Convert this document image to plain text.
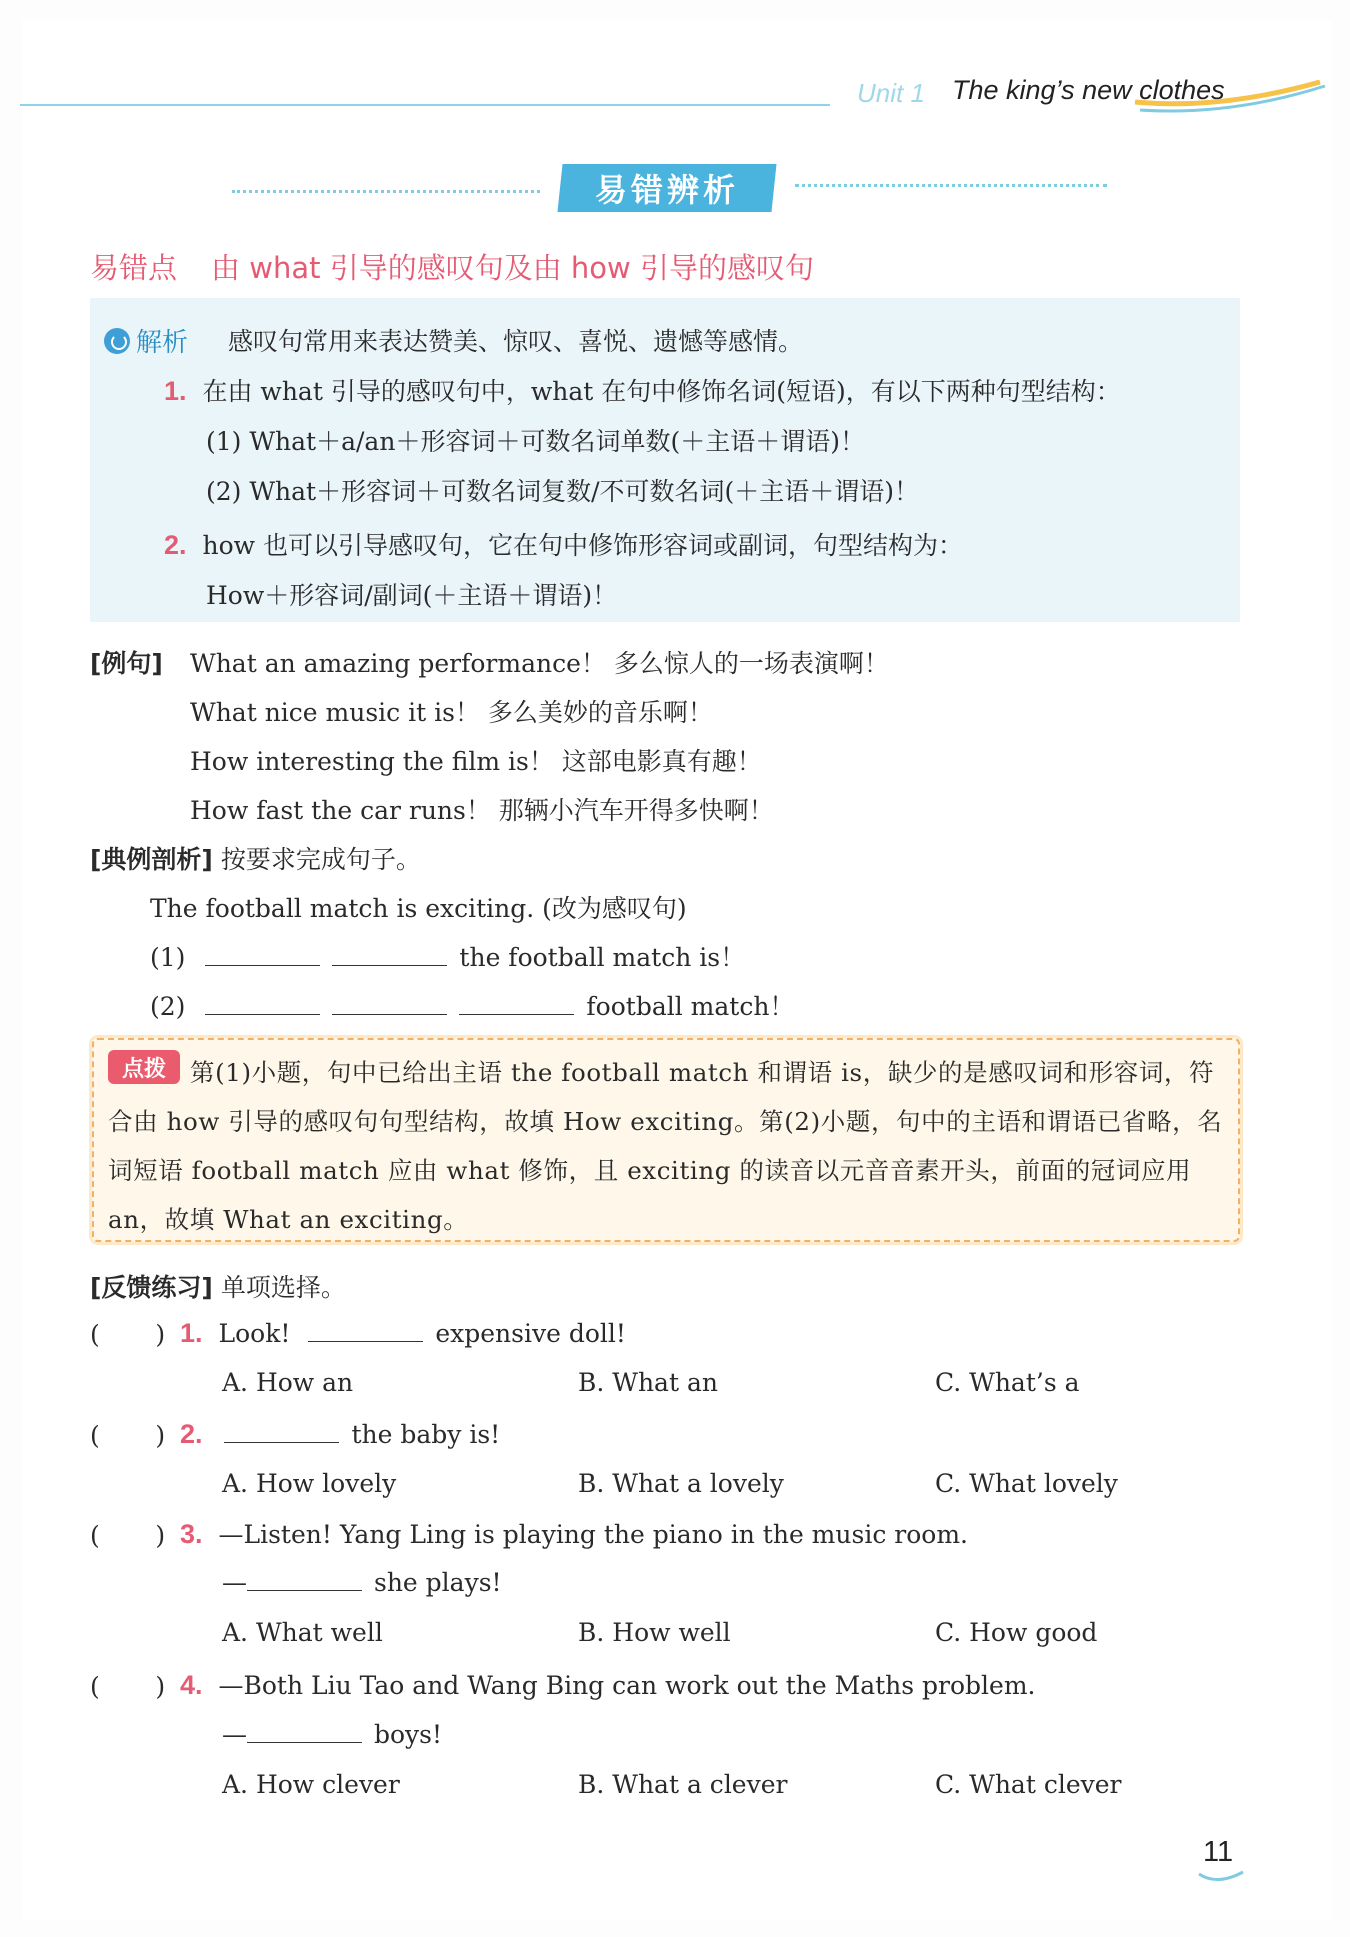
Unit 1 The king’s new clothes
易错辨析
易错点 由 what 引导的感叹句及由 how 引导的感叹句
解析 感叹句常用来表达赞美、惊叹、喜悦、遗憾等感情。
1. 在由 what 引导的感叹句中，what 在句中修饰名词(短语)，有以下两种句型结构：
(1) What＋a/an＋形容词＋可数名词单数(＋主语＋谓语)！
(2) What＋形容词＋可数名词复数/不可数名词(＋主语＋谓语)！
2. how 也可以引导感叹句，它在句中修饰形容词或副词，句型结构为：
How＋形容词/副词(＋主语＋谓语)！
[例句] What an amazing performance！ 多么惊人的一场表演啊！
What nice music it is！ 多么美妙的音乐啊！
How interesting the film is！ 这部电影真有趣！
How fast the car runs！ 那辆小汽车开得多快啊！
[典例剖析] 按要求完成句子。
The football match is exciting. (改为感叹句)
(1)	the football match is！
(2)	football match！
第(1)小题，句中已给出主语 the football match 和谓语 is，缺少的是感叹词和形容词，符合由 how 引导的感叹句句型结构，故填 How exciting。第(2)小题，句中的主语和谓语已省略，名词短语 football match 应由 what 修饰，且 exciting 的读音以元音音素开头，前面的冠词应用 an，故填 What an exciting。
点拨
[反馈练习] 单项选择。
(       ) 1. Look!	expensive doll!
A. How an	B. What an	C. What’s a
(       ) 2.	the baby is!
A. How lovely	B. What a lovely	C. What lovely
(       ) 3. —Listen! Yang Ling is playing the piano in the music room.
—	she plays!
A. What well	B. How well	C. How good
(       ) 4. —Both Liu Tao and Wang Bing can work out the Maths problem.
—	boys!
A. How clever	B. What a clever	C. What clever
11
